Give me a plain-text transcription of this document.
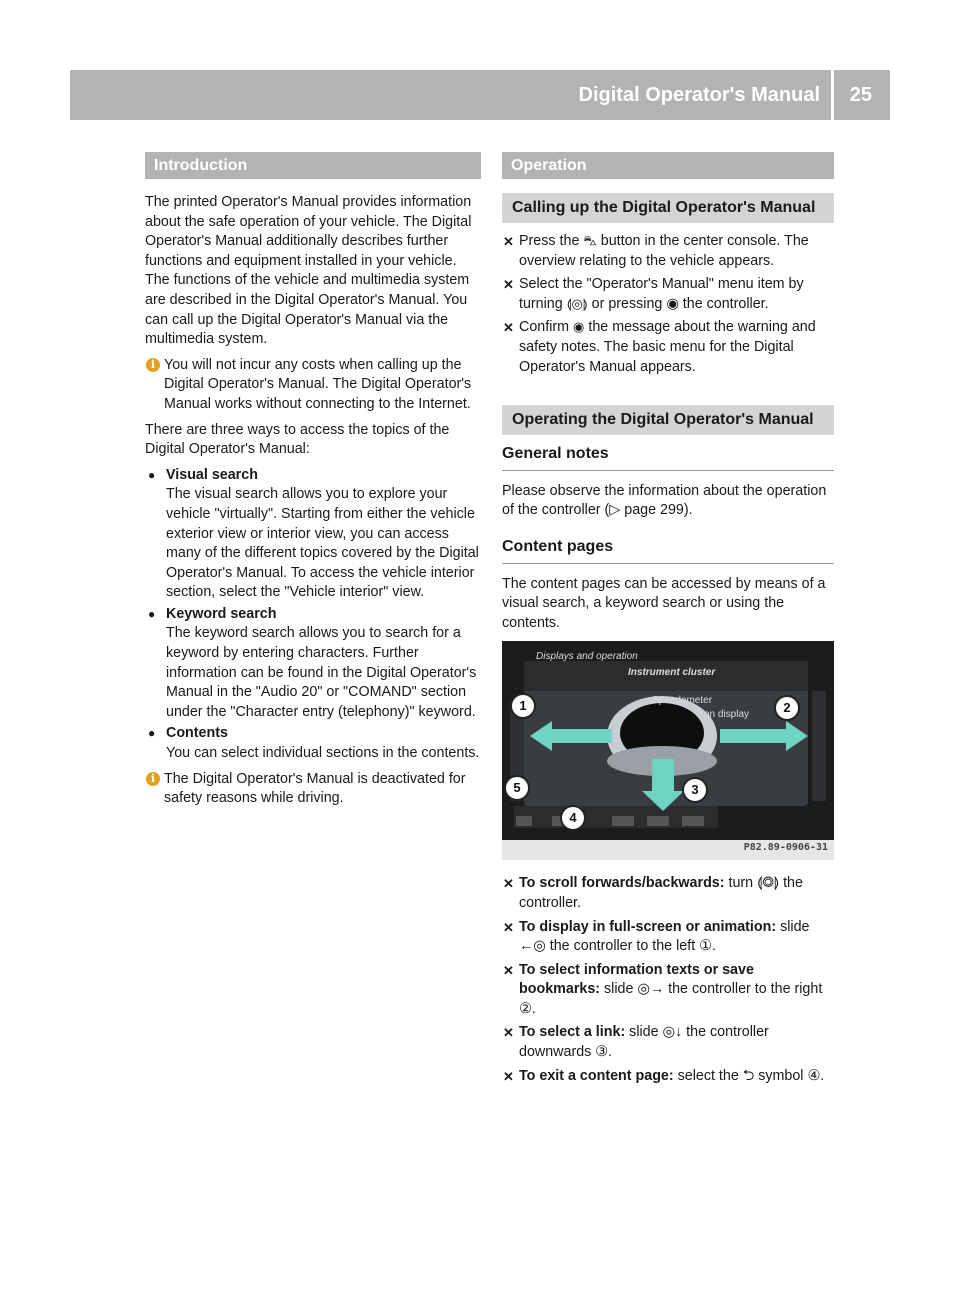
Digital Operator's Manual 25
Introduction

The printed Operator's Manual provides information about the safe operation of your vehicle. The Digital Operator's Manual additionally describes further functions and equipment installed in your vehicle. The functions of the vehicle and multimedia system are described in the Digital Operator's Manual. You can call up the Digital Operator's Manual via the multimedia system.

i You will not incur any costs when calling up the Digital Operator's Manual. The Digital Operator's Manual works without connecting to the Internet.

There are three ways to access the topics of the Digital Operator's Manual:

● Visual search
The visual search allows you to explore your vehicle "virtually". Starting from either the vehicle exterior view or interior view, you can access many of the different topics covered by the Digital Operator's Manual. To access the vehicle interior section, select the "Vehicle interior" view.
● Keyword search
The keyword search allows you to search for a keyword by entering characters. Further information can be found in the Digital Operator's Manual in the "Audio 20" or "COMAND" section under the "Character entry (telephony)" keyword.
● Contents
You can select individual sections in the contents.
i The Digital Operator's Manual is deactivated for safety reasons while driving.
Operation
Calling up the Digital Operator's Manual
✕ Press the ⛍ button in the center console. The overview relating to the vehicle appears.
✕ Select the "Operator's Manual" menu item by turning ⟬◎⟭ or pressing ◉ the controller.
✕ Confirm ◉ the message about the warning and safety notes. The basic menu for the Digital Operator's Manual appears.
Operating the Digital Operator's Manual
General notes

Please observe the information about the operation of the controller (▷ page 299).

Content pages

The content pages can be accessed by means of a visual search, a keyword search or using the contents.

Displays and operation
Instrument cluster
Speedometer
on display
1	2
3
4
5
P82.89-0906-31
✕ To scroll forwards/backwards: turn ⟬◎⟭ the controller.
✕ To display in full-screen or animation: slide ←◎ the controller to the left ①.
✕ To select information texts or save bookmarks: slide ◎→ the controller to the right ②.
✕ To select a link: slide ◎↓ the controller downwards ③.
✕ To exit a content page: select the ⮌ symbol ④.
